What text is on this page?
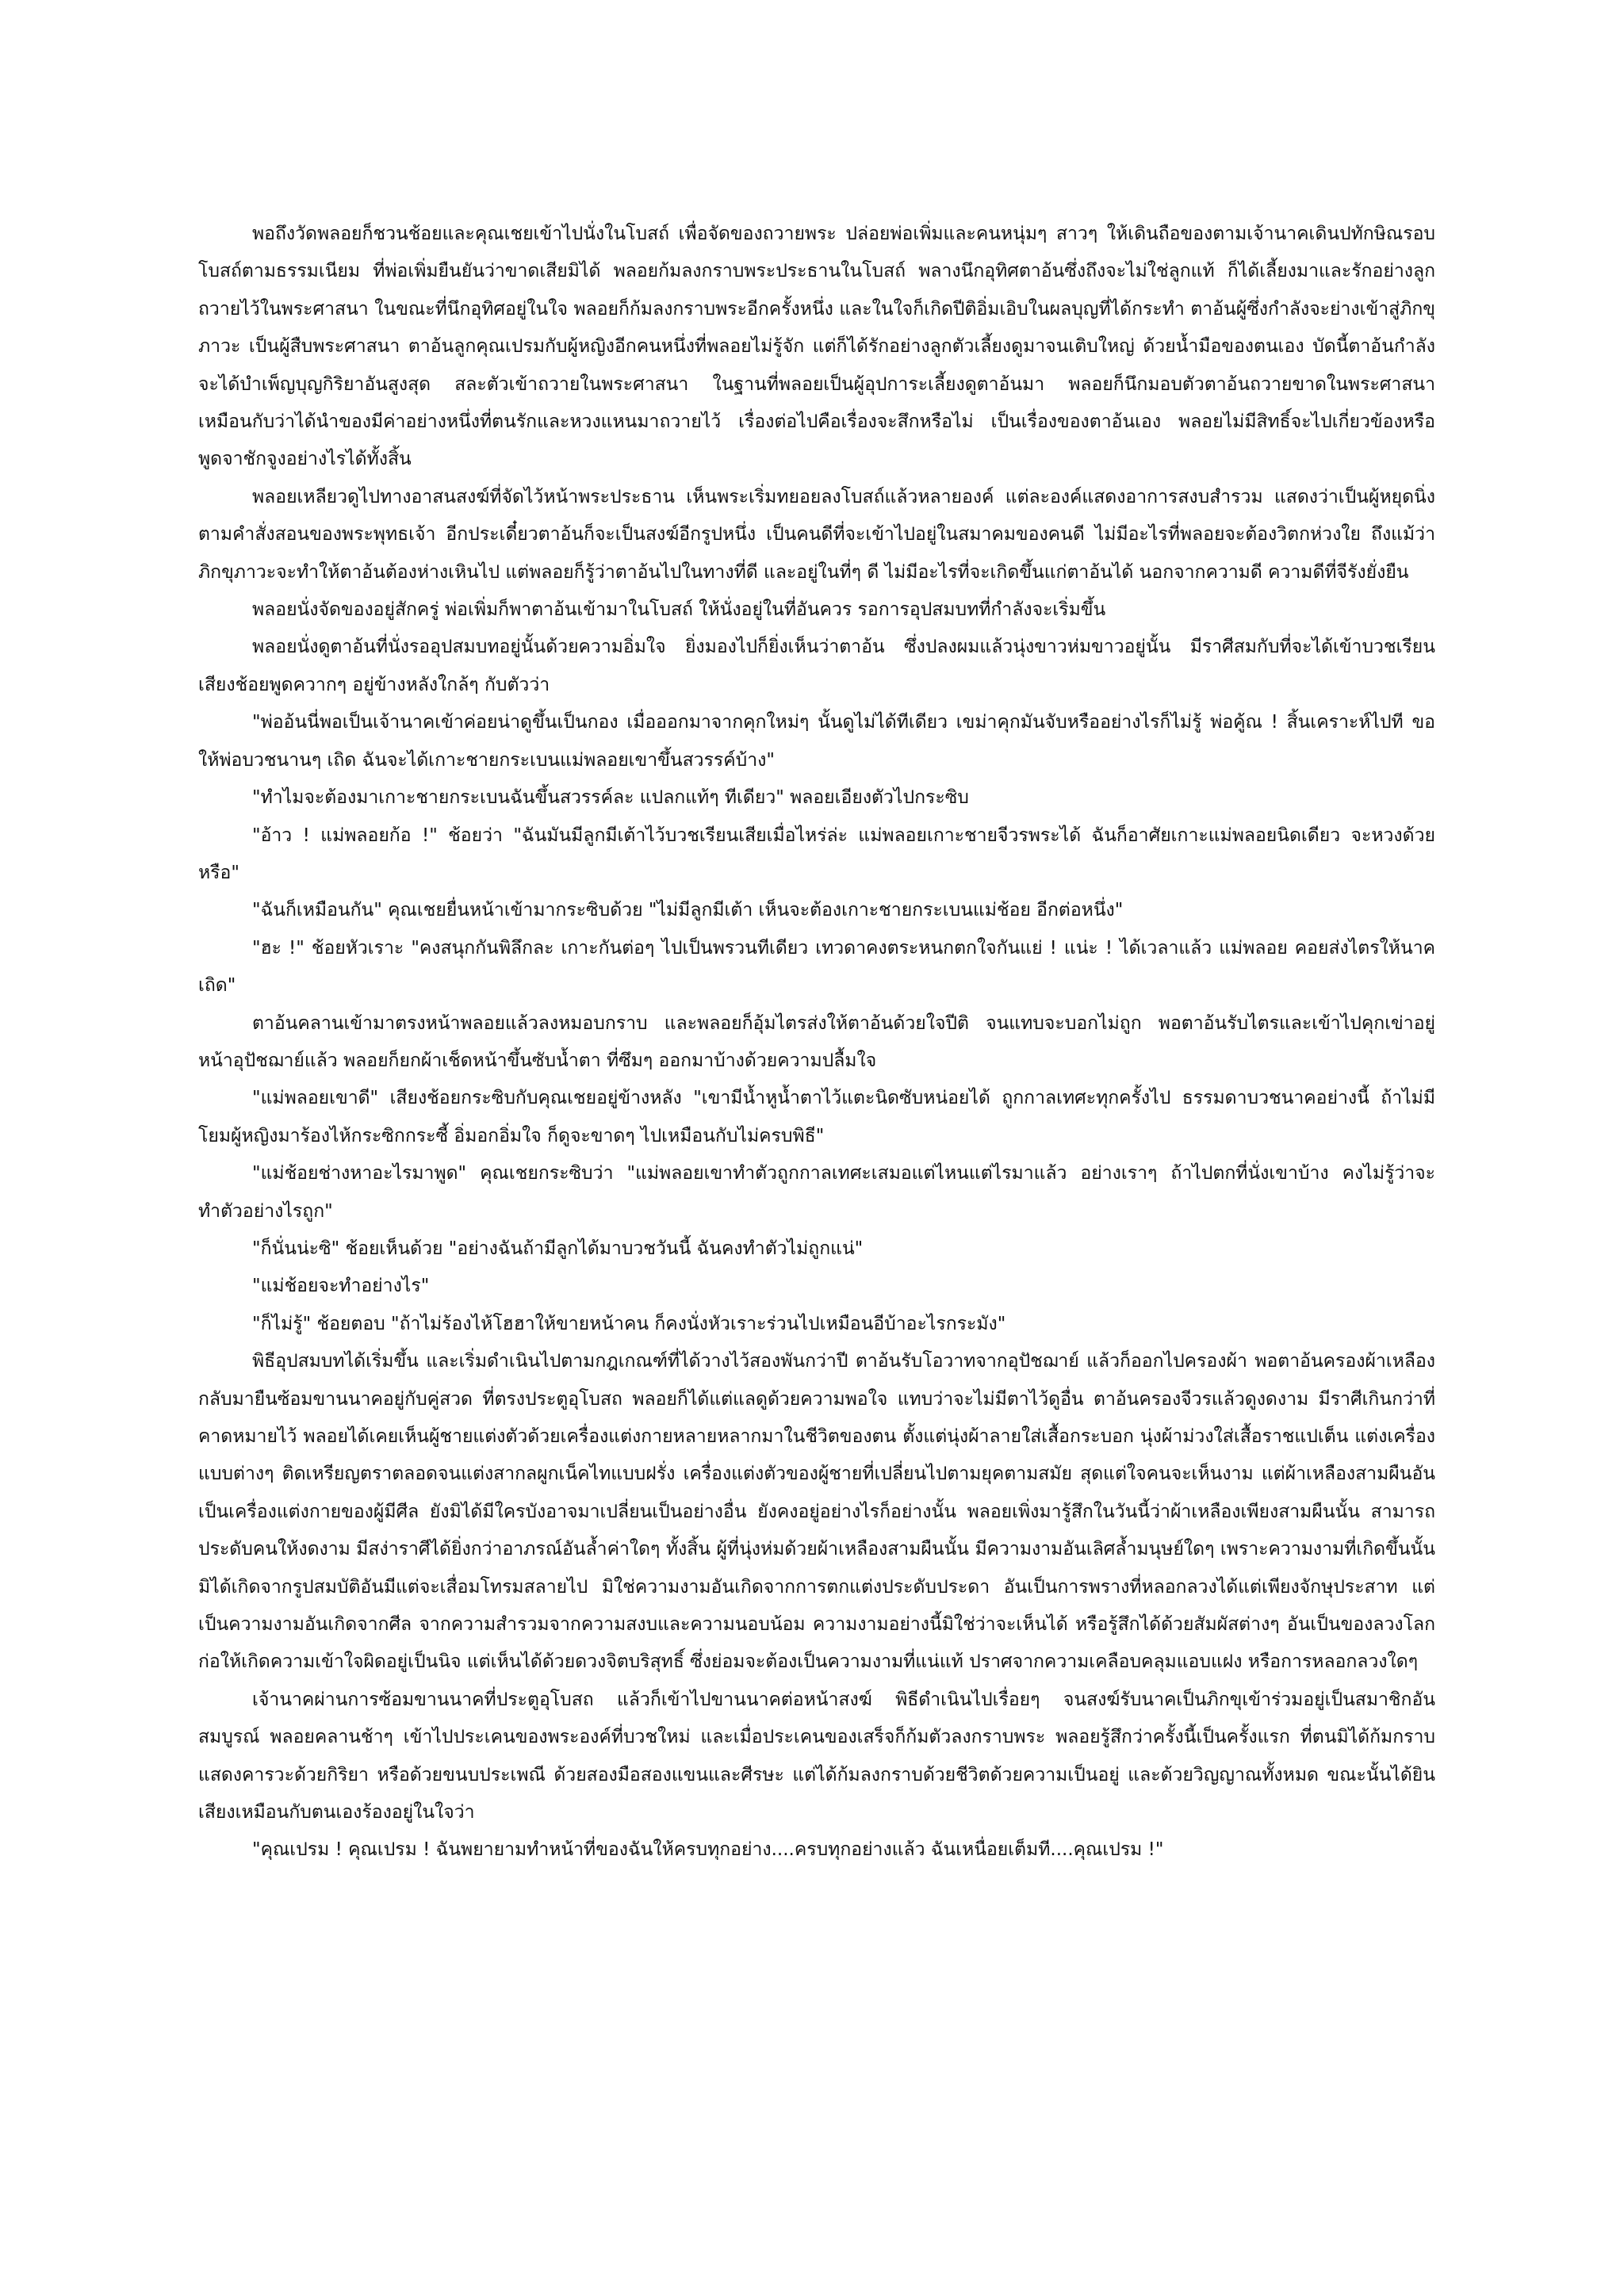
พอถึงวัดพลอยก็ชวนช้อยและคุณเชยเข้าไปนั่งในโบสถ์ เพื่อจัดของถวายพระ ปล่อยพ่อเพิ่มและคนหนุ่มๆ สาวๆ ให้เดินถือของตามเจ้านาคเดินปทักษิณรอบโบสถ์ตามธรรมเนียม ที่พ่อเพิ่มยืนยันว่าขาดเสียมิได้ พลอยก้มลงกราบพระประธานในโบสถ์ พลางนึกอุทิศตาอ้นซึ่งถึงจะไม่ใช่ลูกแท้ ก็ได้เลี้ยงมาและรักอย่างลูก ถวายไว้ในพระศาสนา ในขณะที่นึกอุทิศอยู่ในใจ พลอยก็ก้มลงกราบพระอีกครั้งหนึ่ง และในใจก็เกิดปีติอิ่มเอิบในผลบุญที่ได้กระทำ ตาอ้นผู้ซึ่งกำลังจะย่างเข้าสู่ภิกขุภาวะ เป็นผู้สืบพระศาสนา ตาอ้นลูกคุณเปรมกับผู้หญิงอีกคนหนึ่งที่พลอยไม่รู้จัก แต่ก็ได้รักอย่างลูกตัวเลี้ยงดูมาจนเติบใหญ่ ด้วยน้ำมือของตนเอง บัดนี้ตาอ้นกำลังจะได้บำเพ็ญบุญกิริยาอันสูงสุด สละตัวเข้าถวายในพระศาสนา ในฐานที่พลอยเป็นผู้อุปการะเลี้ยงดูตาอ้นมา พลอยก็นึกมอบตัวตาอ้นถวายขาดในพระศาสนา เหมือนกับว่าได้นำของมีค่าอย่างหนึ่งที่ตนรักและหวงแหนมาถวายไว้ เรื่องต่อไปคือเรื่องจะสึกหรือไม่ เป็นเรื่องของตาอ้นเอง พลอยไม่มีสิทธิ์จะไปเกี่ยวข้องหรือพูดจาชักจูงอย่างไรได้ทั้งสิ้น

พลอยเหลียวดูไปทางอาสนสงฆ์ที่จัดไว้หน้าพระประธาน เห็นพระเริ่มทยอยลงโบสถ์แล้วหลายองค์ แต่ละองค์แสดงอาการสงบสำรวม แสดงว่าเป็นผู้หยุดนิ่งตามคำสั่งสอนของพระพุทธเจ้า อีกประเดี๋ยวตาอ้นก็จะเป็นสงฆ์อีกรูปหนึ่ง เป็นคนดีที่จะเข้าไปอยู่ในสมาคมของคนดี ไม่มีอะไรที่พลอยจะต้องวิตกห่วงใย ถึงแม้ว่าภิกขุภาวะจะทำให้ตาอ้นต้องห่างเหินไป แต่พลอยก็รู้ว่าตาอ้นไปในทางที่ดี และอยู่ในที่ๆ ดี ไม่มีอะไรที่จะเกิดขึ้นแก่ตาอ้นได้ นอกจากความดี ความดีที่จีรังยั่งยืน

พลอยนั่งจัดของอยู่สักครู่ พ่อเพิ่มก็พาตาอ้นเข้ามาในโบสถ์ ให้นั่งอยู่ในที่อันควร รอการอุปสมบทที่กำลังจะเริ่มขึ้น

พลอยนั่งดูตาอ้นที่นั่งรออุปสมบทอยู่นั้นด้วยความอิ่มใจ ยิ่งมองไปก็ยิ่งเห็นว่าตาอ้น ซึ่งปลงผมแล้วนุ่งขาวห่มขาวอยู่นั้น มีราศีสมกับที่จะได้เข้าบวชเรียน เสียงช้อยพูดควากๆ อยู่ข้างหลังใกล้ๆ กับตัวว่า

"พ่ออ้นนี่พอเป็นเจ้านาคเข้าค่อยน่าดูขึ้นเป็นกอง เมื่อออกมาจากคุกใหม่ๆ นั้นดูไม่ได้ทีเดียว เขม่าคุกมันจับหรืออย่างไรก็ไม่รู้ พ่อคู้ณ ! สิ้นเคราะห์ไปที ขอให้พ่อบวชนานๆ เถิด ฉันจะได้เกาะชายกระเบนแม่พลอยเขาขึ้นสวรรค์บ้าง"

"ทำไมจะต้องมาเกาะชายกระเบนฉันขึ้นสวรรค์ละ แปลกแท้ๆ ทีเดียว" พลอยเอียงตัวไปกระซิบ

"อ้าว ! แม่พลอยก้อ !" ช้อยว่า "ฉันมันมีลูกมีเต้าไว้บวชเรียนเสียเมื่อไหร่ล่ะ แม่พลอยเกาะชายจีวรพระได้ ฉันก็อาศัยเกาะแม่พลอยนิดเดียว จะหวงด้วยหรือ"

"ฉันก็เหมือนกัน" คุณเชยยื่นหน้าเข้ามากระซิบด้วย "ไม่มีลูกมีเต้า เห็นจะต้องเกาะชายกระเบนแม่ช้อย อีกต่อหนึ่ง"

"ฮะ !" ช้อยหัวเราะ "คงสนุกกันพิลึกละ เกาะกันต่อๆ ไปเป็นพรวนทีเดียว เทวดาคงตระหนกตกใจกันแย่ ! แน่ะ ! ได้เวลาแล้ว แม่พลอย คอยส่งไตรให้นาคเถิด"

ตาอ้นคลานเข้ามาตรงหน้าพลอยแล้วลงหมอบกราบ และพลอยก็อุ้มไตรส่งให้ตาอ้นด้วยใจปีติ จนแทบจะบอกไม่ถูก พอตาอ้นรับไตรและเข้าไปคุกเข่าอยู่หน้าอุปัชฌาย์แล้ว พลอยก็ยกผ้าเช็ดหน้าขึ้นซับน้ำตา ที่ซึมๆ ออกมาบ้างด้วยความปลื้มใจ

"แม่พลอยเขาดี" เสียงช้อยกระซิบกับคุณเชยอยู่ข้างหลัง "เขามีน้ำหูน้ำตาไว้แตะนิดซับหน่อยได้ ถูกกาลเทศะทุกครั้งไป ธรรมดาบวชนาคอย่างนี้ ถ้าไม่มีโยมผู้หญิงมาร้องไห้กระซิกกระซี้ อิ่มอกอิ่มใจ ก็ดูจะขาดๆ ไปเหมือนกับไม่ครบพิธี"

"แม่ช้อยช่างหาอะไรมาพูด" คุณเชยกระซิบว่า "แม่พลอยเขาทำตัวถูกกาลเทศะเสมอแต่ไหนแต่ไรมาแล้ว อย่างเราๆ ถ้าไปตกที่นั่งเขาบ้าง คงไม่รู้ว่าจะทำตัวอย่างไรถูก"

"ก็นั่นน่ะซิ" ช้อยเห็นด้วย "อย่างฉันถ้ามีลูกได้มาบวชวันนี้ ฉันคงทำตัวไม่ถูกแน่"

"แม่ช้อยจะทำอย่างไร"

"ก็ไม่รู้" ช้อยตอบ "ถ้าไม่ร้องไห้โฮฮาให้ขายหน้าคน ก็คงนั่งหัวเราะร่วนไปเหมือนอีบ้าอะไรกระมัง"

พิธีอุปสมบทได้เริ่มขึ้น และเริ่มดำเนินไปตามกฎเกณฑ์ที่ได้วางไว้สองพันกว่าปี ตาอ้นรับโอวาทจากอุปัชฌาย์ แล้วก็ออกไปครองผ้า พอตาอ้นครองผ้าเหลืองกลับมายืนซ้อมขานนาคอยู่กับคู่สวด ที่ตรงประตูอุโบสถ พลอยก็ได้แต่แลดูด้วยความพอใจ แทบว่าจะไม่มีตาไว้ดูอื่น ตาอ้นครองจีวรแล้วดูงดงาม มีราศีเกินกว่าที่คาดหมายไว้ พลอยได้เคยเห็นผู้ชายแต่งตัวด้วยเครื่องแต่งกายหลายหลากมาในชีวิตของตน ตั้งแต่นุ่งผ้าลายใส่เสื้อกระบอก นุ่งผ้าม่วงใส่เสื้อราชแปเต็น แต่งเครื่องแบบต่างๆ ติดเหรียญตราตลอดจนแต่งสากลผูกเน็คไทแบบฝรั่ง เครื่องแต่งตัวของผู้ชายที่เปลี่ยนไปตามยุคตามสมัย สุดแต่ใจคนจะเห็นงาม แต่ผ้าเหลืองสามผืนอันเป็นเครื่องแต่งกายของผู้มีศีล ยังมิได้มีใครบังอาจมาเปลี่ยนเป็นอย่างอื่น ยังคงอยู่อย่างไรก็อย่างนั้น พลอยเพิ่งมารู้สึกในวันนี้ว่าผ้าเหลืองเพียงสามผืนนั้น สามารถประดับคนให้งดงาม มีสง่าราศีได้ยิ่งกว่าอาภรณ์อันล้ำค่าใดๆ ทั้งสิ้น ผู้ที่นุ่งห่มด้วยผ้าเหลืองสามผืนนั้น มีความงามอันเลิศล้ำมนุษย์ใดๆ เพราะความงามที่เกิดขึ้นนั้น มิได้เกิดจากรูปสมบัติอันมีแต่จะเสื่อมโทรมสลายไป มิใช่ความงามอันเกิดจากการตกแต่งประดับประดา อันเป็นการพรางที่หลอกลวงได้แต่เพียงจักษุประสาท แต่เป็นความงามอันเกิดจากศีล จากความสำรวมจากความสงบและความนอบน้อม ความงามอย่างนี้มิใช่ว่าจะเห็นได้ หรือรู้สึกได้ด้วยสัมผัสต่างๆ อันเป็นของลวงโลกก่อให้เกิดความเข้าใจผิดอยู่เป็นนิจ แต่เห็นได้ด้วยดวงจิตบริสุทธิ์ ซึ่งย่อมจะต้องเป็นความงามที่แน่แท้ ปราศจากความเคลือบคลุมแอบแฝง หรือการหลอกลวงใดๆ

เจ้านาคผ่านการซ้อมขานนาคที่ประตูอุโบสถ แล้วก็เข้าไปขานนาคต่อหน้าสงฆ์ พิธีดำเนินไปเรื่อยๆ จนสงฆ์รับนาคเป็นภิกขุเข้าร่วมอยู่เป็นสมาชิกอันสมบูรณ์ พลอยคลานช้าๆ เข้าไปประเคนของพระองค์ที่บวชใหม่ และเมื่อประเคนของเสร็จก็ก้มตัวลงกราบพระ พลอยรู้สึกว่าครั้งนี้เป็นครั้งแรก ที่ตนมิได้ก้มกราบแสดงคารวะด้วยกิริยา หรือด้วยขนบประเพณี ด้วยสองมือสองแขนและศีรษะ แต่ได้ก้มลงกราบด้วยชีวิตด้วยความเป็นอยู่ และด้วยวิญญาณทั้งหมด ขณะนั้นได้ยินเสียงเหมือนกับตนเองร้องอยู่ในใจว่า

"คุณเปรม ! คุณเปรม ! ฉันพยายามทำหน้าที่ของฉันให้ครบทุกอย่าง....ครบทุกอย่างแล้ว ฉันเหนื่อยเต็มที....คุณเปรม !"
